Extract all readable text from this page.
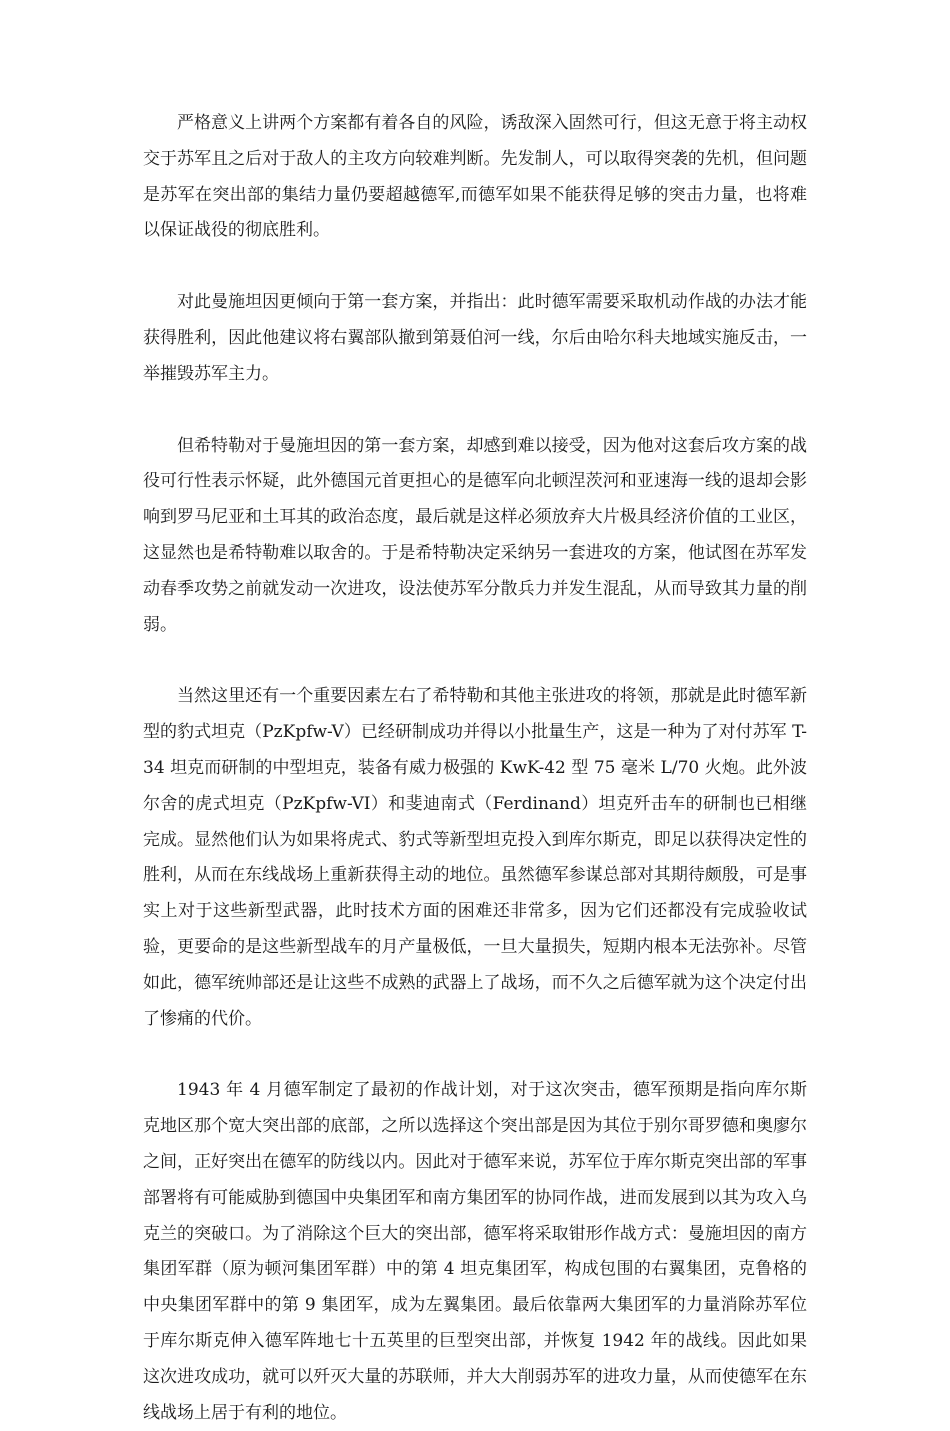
严格意义上讲两个方案都有着各自的风险，诱敌深入固然可行，但这无意于将主动权交于苏军且之后对于敌人的主攻方向较难判断。先发制人，可以取得突袭的先机，但问题是苏军在突出部的集结力量仍要超越德军,而德军如果不能获得足够的突击力量，也将难以保证战役的彻底胜利。

对此曼施坦因更倾向于第一套方案，并指出：此时德军需要采取机动作战的办法才能获得胜利，因此他建议将右翼部队撤到第聂伯河一线，尔后由哈尔科夫地域实施反击，一举摧毁苏军主力。

但希特勒对于曼施坦因的第一套方案，却感到难以接受，因为他对这套后攻方案的战役可行性表示怀疑，此外德国元首更担心的是德军向北顿涅茨河和亚速海一线的退却会影响到罗马尼亚和土耳其的政治态度，最后就是这样必须放弃大片极具经济价值的工业区，这显然也是希特勒难以取舍的。于是希特勒决定采纳另一套进攻的方案，他试图在苏军发动春季攻势之前就发动一次进攻，设法使苏军分散兵力并发生混乱，从而导致其力量的削弱。

当然这里还有一个重要因素左右了希特勒和其他主张进攻的将领，那就是此时德军新型的豹式坦克（PzKpfw-V）已经研制成功并得以小批量生产，这是一种为了对付苏军 T-34 坦克而研制的中型坦克，装备有威力极强的 KwK-42 型 75 毫米 L/70 火炮。此外波尔舍的虎式坦克（PzKpfw-VI）和斐迪南式（Ferdinand）坦克歼击车的研制也已相继完成。显然他们认为如果将虎式、豹式等新型坦克投入到库尔斯克，即足以获得决定性的胜利，从而在东线战场上重新获得主动的地位。虽然德军参谋总部对其期待颇殷，可是事实上对于这些新型武器，此时技术方面的困难还非常多，因为它们还都没有完成验收试验，更要命的是这些新型战车的月产量极低，一旦大量损失，短期内根本无法弥补。尽管如此，德军统帅部还是让这些不成熟的武器上了战场，而不久之后德军就为这个决定付出了惨痛的代价。

1943 年 4 月德军制定了最初的作战计划，对于这次突击，德军预期是指向库尔斯克地区那个宽大突出部的底部，之所以选择这个突出部是因为其位于别尔哥罗德和奥廖尔之间，正好突出在德军的防线以内。因此对于德军来说，苏军位于库尔斯克突出部的军事部署将有可能威胁到德国中央集团军和南方集团军的协同作战，进而发展到以其为攻入乌克兰的突破口。为了消除这个巨大的突出部，德军将采取钳形作战方式：曼施坦因的南方集团军群（原为顿河集团军群）中的第 4 坦克集团军，构成包围的右翼集团，克鲁格的中央集团军群中的第 9 集团军，成为左翼集团。最后依靠两大集团军的力量消除苏军位于库尔斯克伸入德军阵地七十五英里的巨型突出部，并恢复 1942 年的战线。因此如果这次进攻成功，就可以歼灭大量的苏联师，并大大削弱苏军的进攻力量，从而使德军在东线战场上居于有利的地位。
